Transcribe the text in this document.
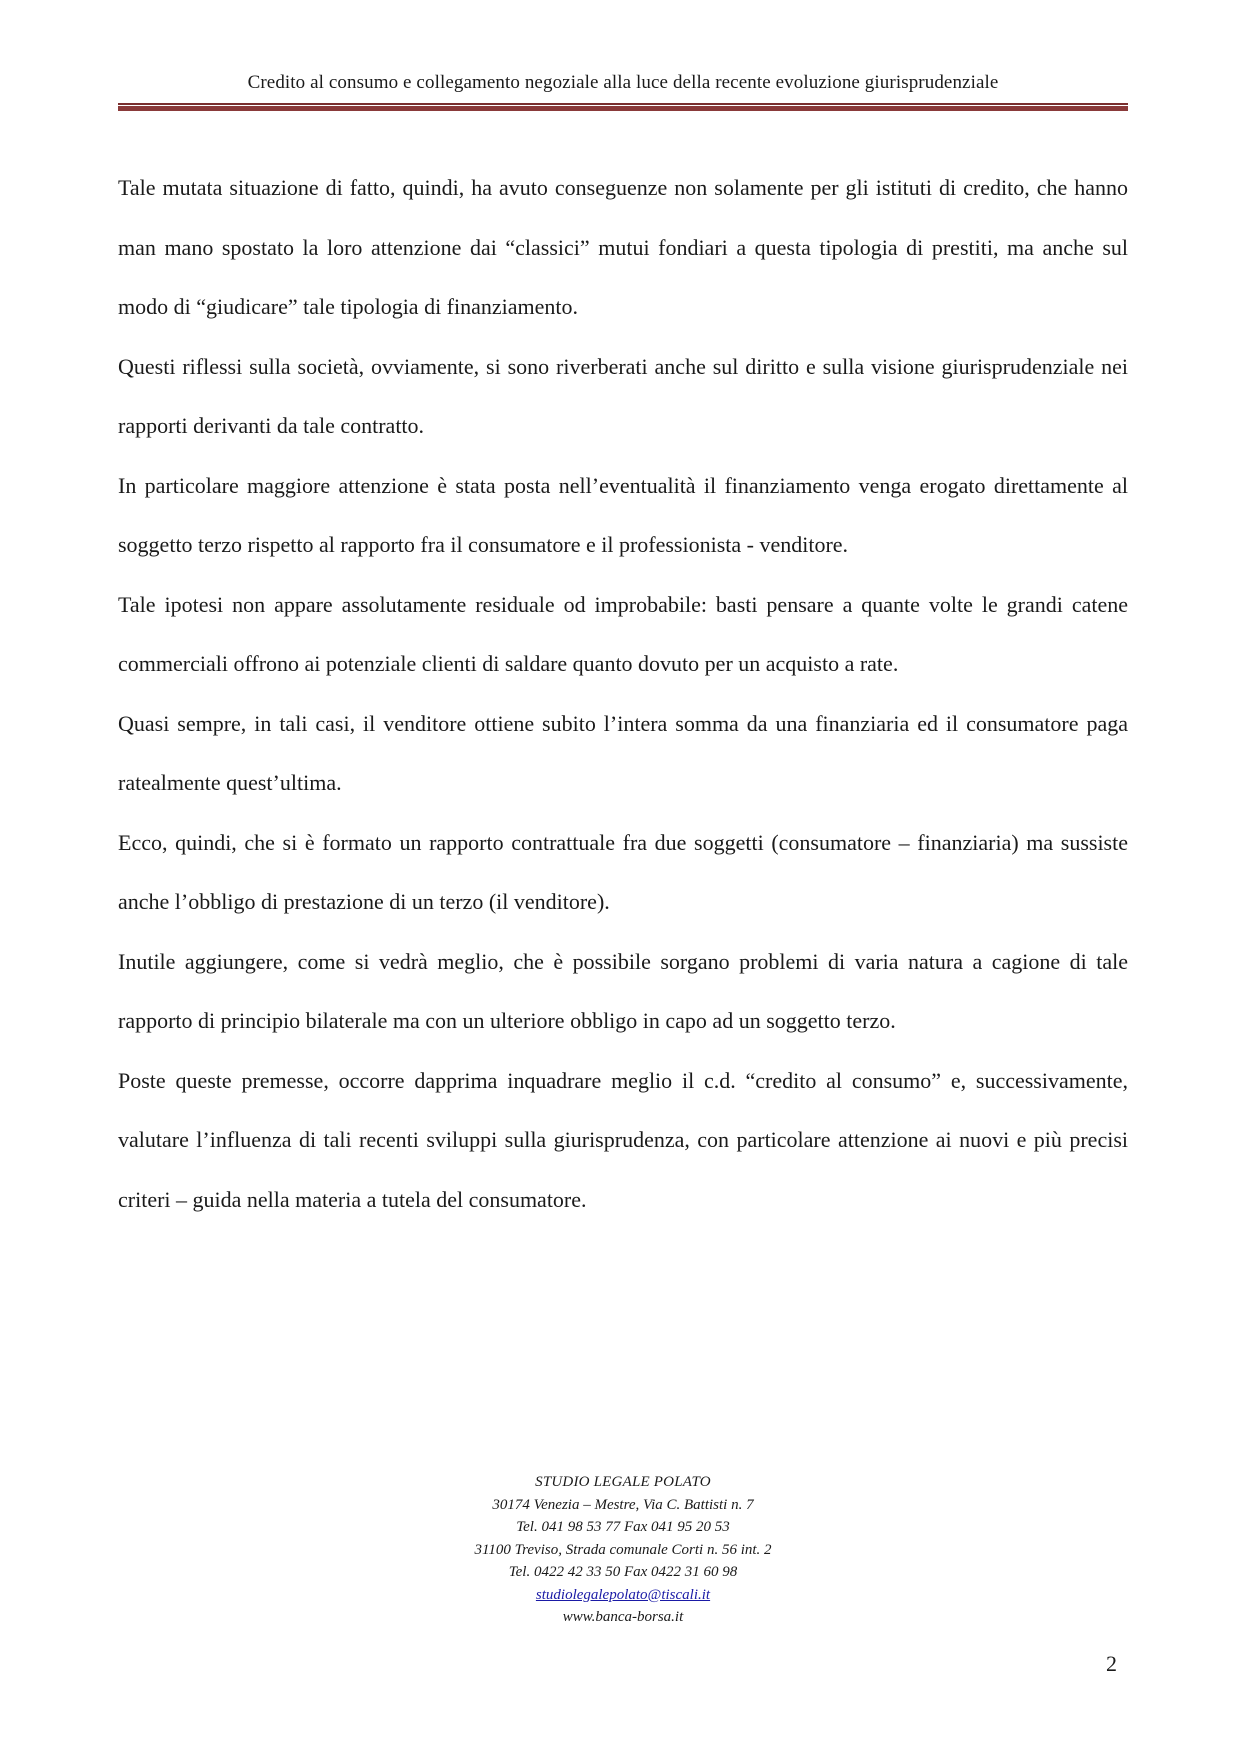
Credito al consumo e collegamento negoziale alla luce della recente evoluzione giurisprudenziale

Tale mutata situazione di fatto, quindi, ha avuto conseguenze non solamente per gli istituti di credito, che hanno man mano spostato la loro attenzione dai “classici” mutui fondiari a questa tipologia di prestiti, ma anche sul modo di “giudicare” tale tipologia di finanziamento.

Questi riflessi sulla società, ovviamente, si sono riverberati anche sul diritto e sulla visione giurisprudenziale nei rapporti derivanti da tale contratto.

In particolare maggiore attenzione è stata posta nell’eventualità il finanziamento venga erogato direttamente al soggetto terzo rispetto al rapporto fra il consumatore e il professionista - venditore.

Tale ipotesi non appare assolutamente residuale od improbabile: basti pensare a quante volte le grandi catene commerciali offrono ai potenziale clienti di saldare quanto dovuto per un acquisto a rate.

Quasi sempre, in tali casi, il venditore ottiene subito l’intera somma da una finanziaria ed il consumatore paga ratealmente quest’ultima.

Ecco, quindi, che si è formato un rapporto contrattuale fra due soggetti (consumatore – finanziaria) ma sussiste anche l’obbligo di prestazione di un terzo (il venditore).

Inutile aggiungere, come si vedrà meglio, che è possibile sorgano problemi di varia natura a cagione di tale rapporto di principio bilaterale ma con un ulteriore obbligo in capo ad un soggetto terzo.

Poste queste premesse, occorre dapprima inquadrare meglio il c.d. “credito al consumo” e, successivamente, valutare l’influenza di tali recenti sviluppi sulla giurisprudenza, con particolare attenzione ai nuovi e più precisi criteri – guida nella materia a tutela del consumatore.

STUDIO LEGALE POLATO
30174 Venezia – Mestre, Via C. Battisti n. 7
Tel. 041 98 53 77 Fax 041 95 20 53
31100 Treviso, Strada comunale Corti n. 56 int. 2
Tel. 0422 42 33 50 Fax 0422 31 60 98
studiolegalepolato@tiscali.it
www.banca-borsa.it
2
